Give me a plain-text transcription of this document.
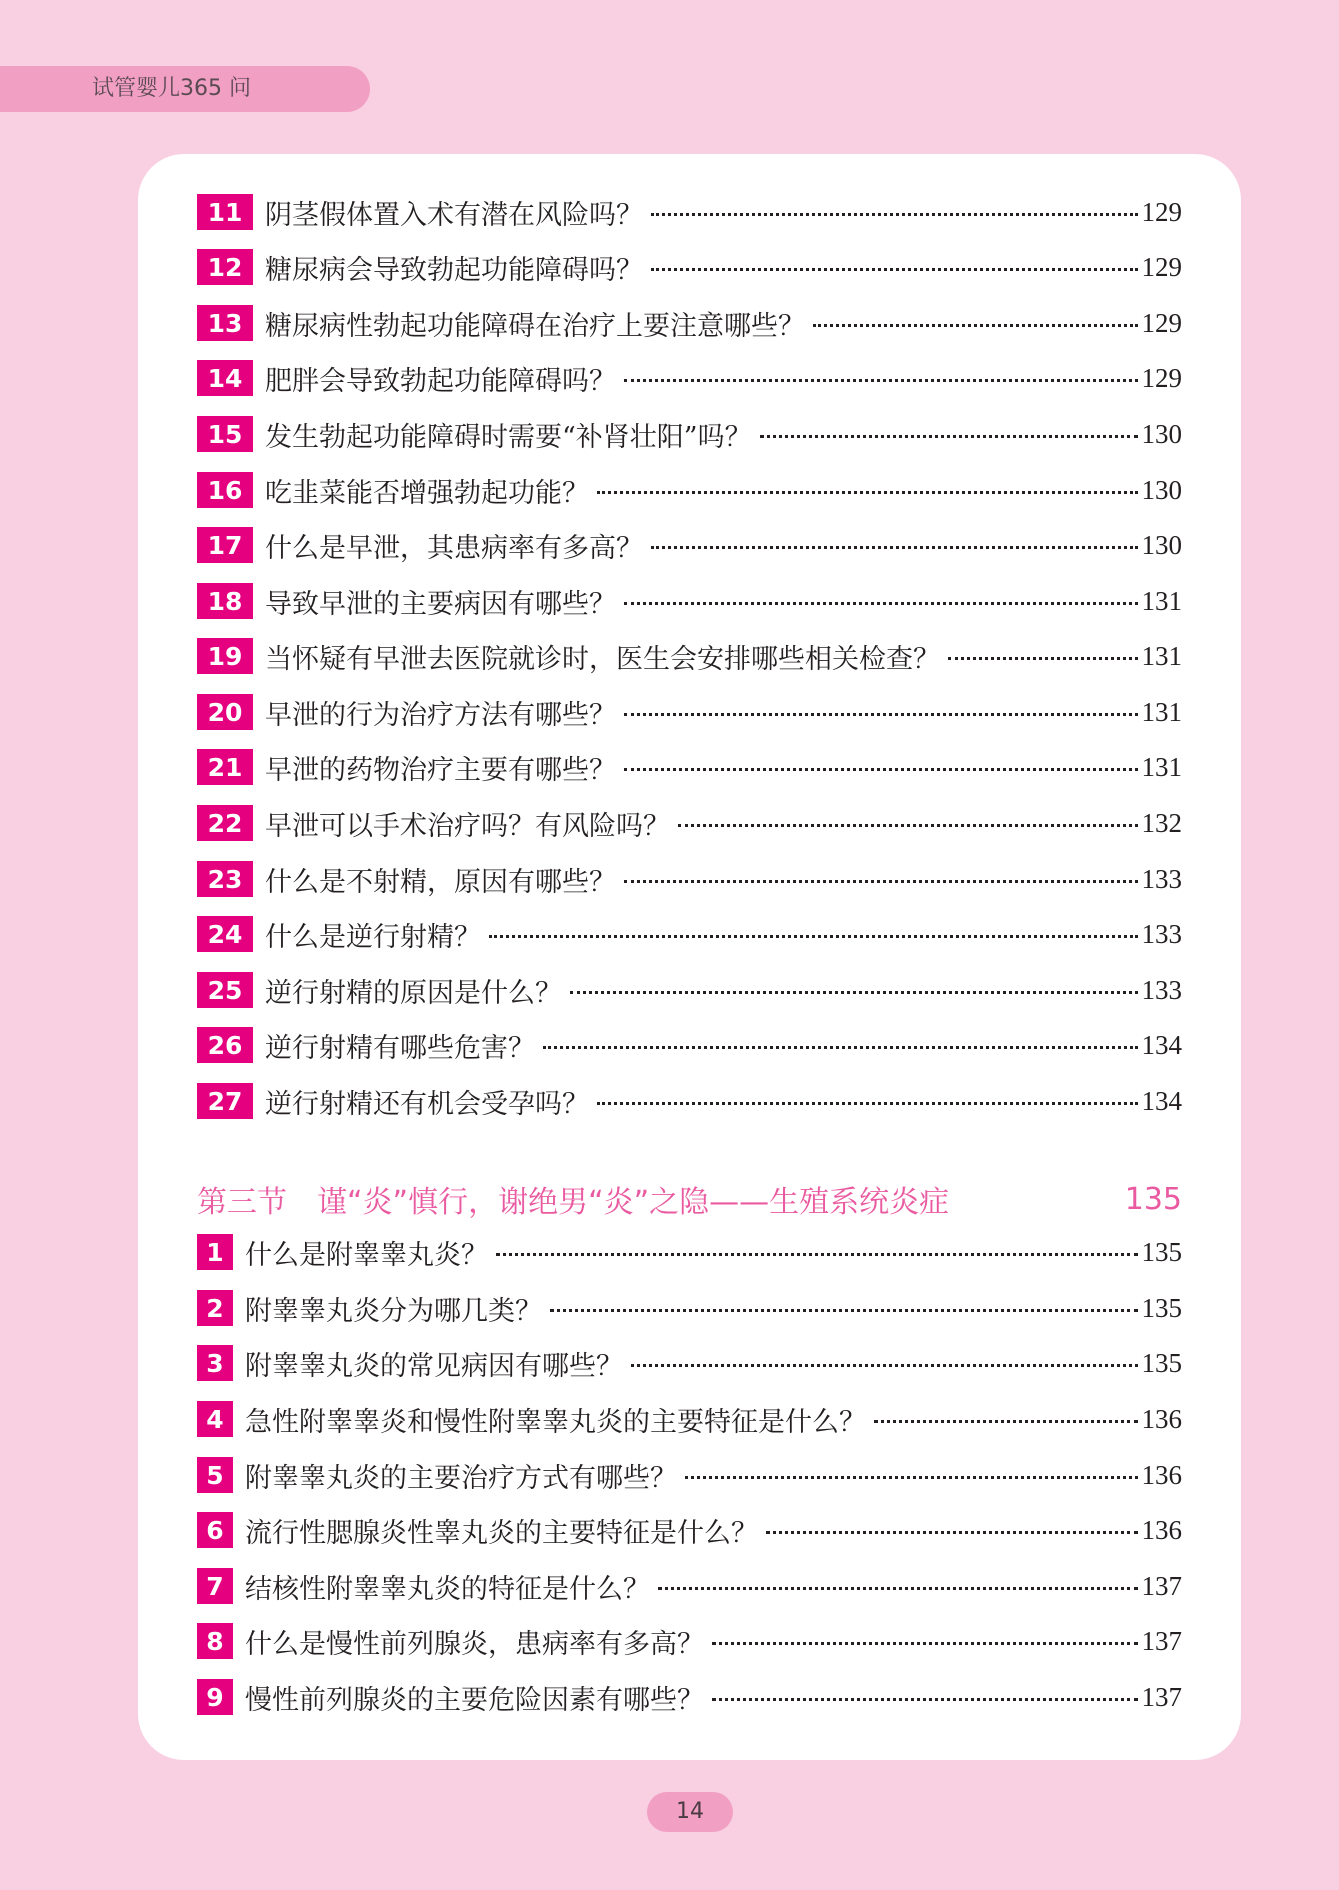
试管婴儿365 问
11 阴茎假体置入术有潜在风险吗？	129
12 糖尿病会导致勃起功能障碍吗？	129
13 糖尿病性勃起功能障碍在治疗上要注意哪些？	129
14 肥胖会导致勃起功能障碍吗？	129
15 发生勃起功能障碍时需要“补肾壮阳”吗？	130
16 吃韭菜能否增强勃起功能？	130
17 什么是早泄，其患病率有多高？	130
18 导致早泄的主要病因有哪些？	131
19 当怀疑有早泄去医院就诊时，医生会安排哪些相关检查？	131
20 早泄的行为治疗方法有哪些？	131
21 早泄的药物治疗主要有哪些？	131
22 早泄可以手术治疗吗？有风险吗？	132
23 什么是不射精，原因有哪些？	133
24 什么是逆行射精？	133
25 逆行射精的原因是什么？	133
26 逆行射精有哪些危害？	134
27 逆行射精还有机会受孕吗？	134
第三节　谨“炎”慎行，谢绝男“炎”之隐——生殖系统炎症	135
1 什么是附睾睾丸炎？	135
2 附睾睾丸炎分为哪几类？	135
3 附睾睾丸炎的常见病因有哪些？	135
4 急性附睾睾炎和慢性附睾睾丸炎的主要特征是什么？	136
5 附睾睾丸炎的主要治疗方式有哪些？	136
6 流行性腮腺炎性睾丸炎的主要特征是什么？	136
7 结核性附睾睾丸炎的特征是什么？	137
8 什么是慢性前列腺炎，患病率有多高？	137
9 慢性前列腺炎的主要危险因素有哪些？	137
14
